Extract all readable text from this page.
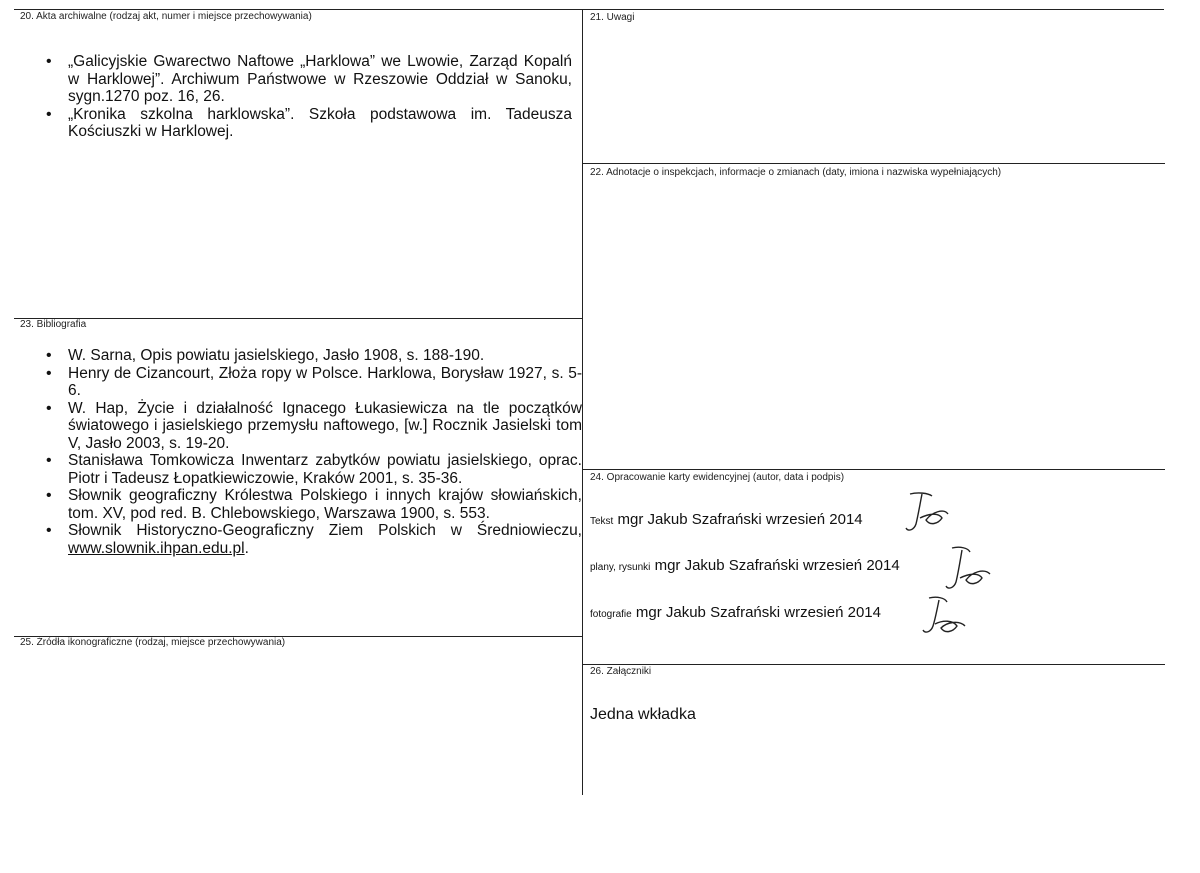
20. Akta archiwalne (rodzaj akt, numer i miejsce przechowywania)
• „Galicyjskie Gwarectwo Naftowe „Harklowa” we Lwowie, Zarząd Kopalń w Harklowej”. Archiwum Państwowe w Rzeszowie Oddział w Sanoku, sygn.1270 poz. 16, 26.
• „Kronika szkolna harklowska”. Szkoła podstawowa im. Tadeusza Kościuszki w Harklowej.
21. Uwagi
22. Adnotacje o inspekcjach, informacje o zmianach (daty, imiona i nazwiska wypełniających)
23. Bibliografia
• W. Sarna, Opis powiatu jasielskiego, Jasło 1908, s. 188-190.
• Henry de Cizancourt, Złoża ropy w Polsce. Harklowa, Borysław 1927, s. 5-6.
• W. Hap, Życie i działalność Ignacego Łukasiewicza na tle początków światowego i jasielskiego przemysłu naftowego, [w.] Rocznik Jasielski tom V, Jasło 2003, s. 19-20.
• Stanisława Tomkowicza Inwentarz zabytków powiatu jasielskiego, oprac. Piotr i Tadeusz Łopatkiewiczowie, Kraków 2001, s. 35-36.
• Słownik geograficzny Królestwa Polskiego i innych krajów słowiańskich, tom. XV, pod red. B. Chlebowskiego, Warszawa 1900, s. 553.
• Słownik Historyczno-Geograficzny Ziem Polskich w Średniowieczu, www.slownik.ihpan.edu.pl.
24. Opracowanie karty ewidencyjnej (autor, data i podpis)
Tekst mgr Jakub Szafrański wrzesień 2014
plany, rysunki mgr Jakub Szafrański wrzesień 2014
fotografie mgr Jakub Szafrański wrzesień 2014
25. Źródła ikonograficzne (rodzaj, miejsce przechowywania)
26. Załączniki
Jedna wkładka
